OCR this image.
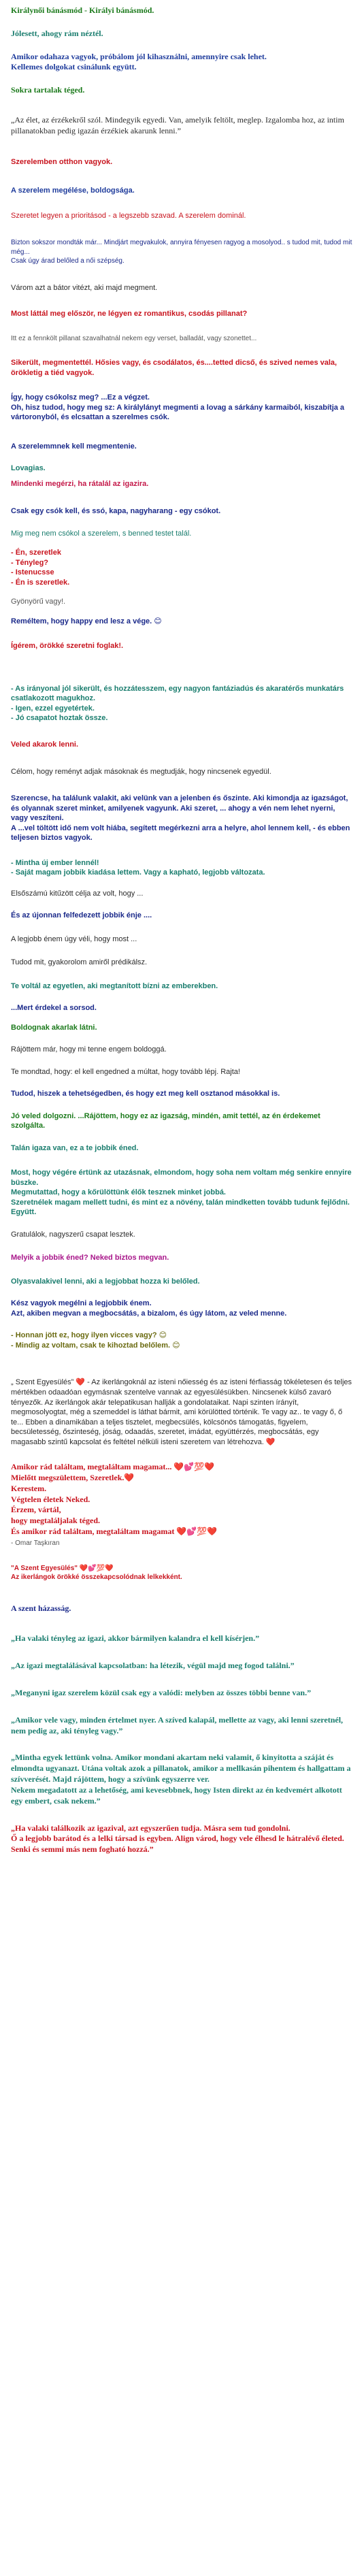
Királynői bánásmód - Királyi bánásmód.

Jólesett, ahogy rám néztél.

Amikor odahaza vagyok, próbálom jól kihasználni, amennyire csak lehet.
Kellemes dolgokat csinálunk együtt.

Sokra tartalak téged.

„Az élet, az érzékekről szól. Mindegyik egyedi. Van, amelyik feltölt, meglep. Izgalomba hoz, az intim pillanatokban pedig igazán érzékiek akarunk lenni.”

Szerelemben otthon vagyok.

A szerelem megélése, boldogsága.

Szeretet legyen a prioritásod - a legszebb szavad. A szerelem dominál.

Bizton sokszor mondták már... Mindjárt megvakulok, annyira fényesen ragyog a mosolyod.. s tudod mit, tudod mit még...
Csak úgy árad belőled a női szépség.

Várom azt a bátor vitézt, aki majd megment.

Most láttál meg először, ne légyen ez romantikus, csodás pillanat?

Itt ez a fennkölt pillanat szavalhatnál nekem egy verset, balladát, vagy szonettet...

Sikerült, megmentettél. Hősies vagy, és csodálatos, és....tetted dicső, és szived nemes vala, örökletig a tiéd vagyok.

Így, hogy csókolsz meg? ...Ez a végzet.
Oh, hisz tudod, hogy meg sz: A királylányt megmenti a lovag a sárkány karmaiból, kiszabítja a vártoronyból, és elcsattan a szerelmes csók.

A szerelemmnek kell megmentenie.

Lovagias.

Mindenki megérzi, ha rátalál az igazira.

Csak egy csók kell, és ssó, kapa, nagyharang - egy csókot.

Mig meg nem csókol a szerelem, s benned testet talál.

- Én, szeretlek
- Tényleg?
- Istenucsse
- Én is szeretlek.

Gyönyörű vagy!.

Reméltem, hogy happy end lesz a vége. 😊

Ígérem, örökké szeretni foglak!.

- As irányonal jól sikerült, és hozzátesszem, egy nagyon fantáziadús és akaratérős munkatárs csatlakozott magukhoz.
- Igen, ezzel egyetértek.
- Jó csapatot hoztak össze.

Veled akarok lenni.

Célom, hogy reményt adjak másoknak és megtudják, hogy nincsenek egyedül.

Szerencse, ha találunk valakit, aki velünk van a jelenben és őszinte. Aki kimondja az igazságot, és olyannak szeret minket, amilyenek vagyunk. Aki szeret, ... ahogy a vén nem lehet nyerni, vagy veszíteni.
A ...vel töltött idő nem volt hiába, segített megérkezni arra a helyre, ahol lennem kell, - és ebben teljesen biztos vagyok.

- Mintha új ember lennél!
- Saját magam jobbik kiadása lettem. Vagy a kapható, legjobb változata.

Elsőszámú kitűzött célja az volt, hogy ...

És az újonnan felfedezett jobbik énje ....

A legjobb énem úgy véli, hogy most ...

Tudod mit, gyakorolom amiről prédikálsz.

Te voltál az egyetlen, aki megtanított bízni az emberekben.

...Mert érdekel a sorsod.

Boldognak akarlak látni.

Rájöttem már, hogy mi tenne engem boldoggá.

Te mondtad, hogy: el kell engedned a múltat, hogy tovább lépj. Rajta!

Tudod, hiszek a tehetségedben, és hogy ezt meg kell osztanod másokkal is.

Jó veled dolgozni. ...Rájöttem, hogy ez az igazság, mindén, amit tettél, az én érdekemet szolgálta.

Talán igaza van, ez a te jobbik éned.

Most, hogy végére értünk az utazásnak, elmondom, hogy soha nem voltam még senkire ennyire büszke.
Megmutattad, hogy a kőrülöttünk élők tesznek minket jobbá.
Szeretnélek magam mellett tudni, és mint ez a növény, talán mindketten tovább tudunk fejlődni. Együtt.

Gratulálok, nagyszerű csapat lesztek.

Melyik a jobbik éned? Neked biztos megvan.

Olyasvalakivel lenni, aki a legjobbat hozza ki belőled.

Kész vagyok megélni a legjobbik énem.
Azt, akiben megvan a megbocsátás, a bizalom, és úgy látom, az veled menne.

- Honnan jött ez, hogy ilyen vicces vagy? 😊
- Mindig az voltam, csak te kihoztad belőlem. 😊

„ Szent Egyesülés” ❤️ - Az ikerlángoknál az isteni nőiesség és az isteni férfiasság tökéletesen és teljes mértékben odaadóan egymásnak szentelve vannak az egyesülésükben. Nincsenek külső zavaró tényezők. Az ikerlángok akár telepatikusan hallják a gondolataikat. Napi szinten írányít, megmosolyogtat, még a szemeddel is láthat bármit, ami körülötted történik. Te vagy az.. te vagy ő, ő te... Ebben a dinamikában a teljes tisztelet, megbecsülés, kölcsönös támogatás, figyelem, becsületesség, őszinteség, jóság, odaadás, szeretet, imádat, együttérzés, megbocsátás, egy magasabb szintű kapcsolat és feltétel nélküli isteni szeretem van létrehozva. ❤️

Amikor rád találtam, megtaláltam magamat... ❤️💕💯❤️
Mielőtt megszülettem, Szeretlek.❤️
Kerestem.
Végtelen életek Neked.
Érzem, vártál,
hogy megtaláljalak téged.
És amikor rád találtam, megtaláltam magamat ❤️💕💯❤️

- Omar Taşkıran

"A Szent Egyesülés" ❤️💕💯❤️
Az ikerlángok örökké összekapcsolódnak lelkekként.

A szent házasság.

„Ha valaki tényleg az igazi, akkor bármilyen kalandra el kell kísérjen.”

„Az igazi megtalálásával kapcsolatban: ha létezik, végül majd meg fogod találni.”

„Meganyni igaz szerelem közül csak egy a valódi: melyben az összes többi benne van.”

„Amikor vele vagy, minden értelmet nyer. A szíved kalapál, mellette az vagy, aki lenni szeretnél, nem pedig az, aki tényleg vagy.”

„Mintha egyek lettünk volna. Amikor mondani akartam neki valamit, ő kinyitotta a száját és elmondta ugyanazt. Utána voltak azok a pillanatok, amikor a mellkasán pihentem és hallgattam a szívverését. Majd rájöttem, hogy a szívünk egyszerre ver.
Nekem megadatott az a lehetőség, ami kevesebbnek, hogy Isten direkt az én kedvemért alkotott egy embert, csak nekem.”

„Ha valaki találkozik az igazival, azt egyszerűen tudja. Másra sem tud gondolni.
Ő a legjobb barátod és a lelki társad is egyben. Align várod, hogy vele élhesd le hátralévő életed. Senki és semmi más nem fogható hozzá.”
